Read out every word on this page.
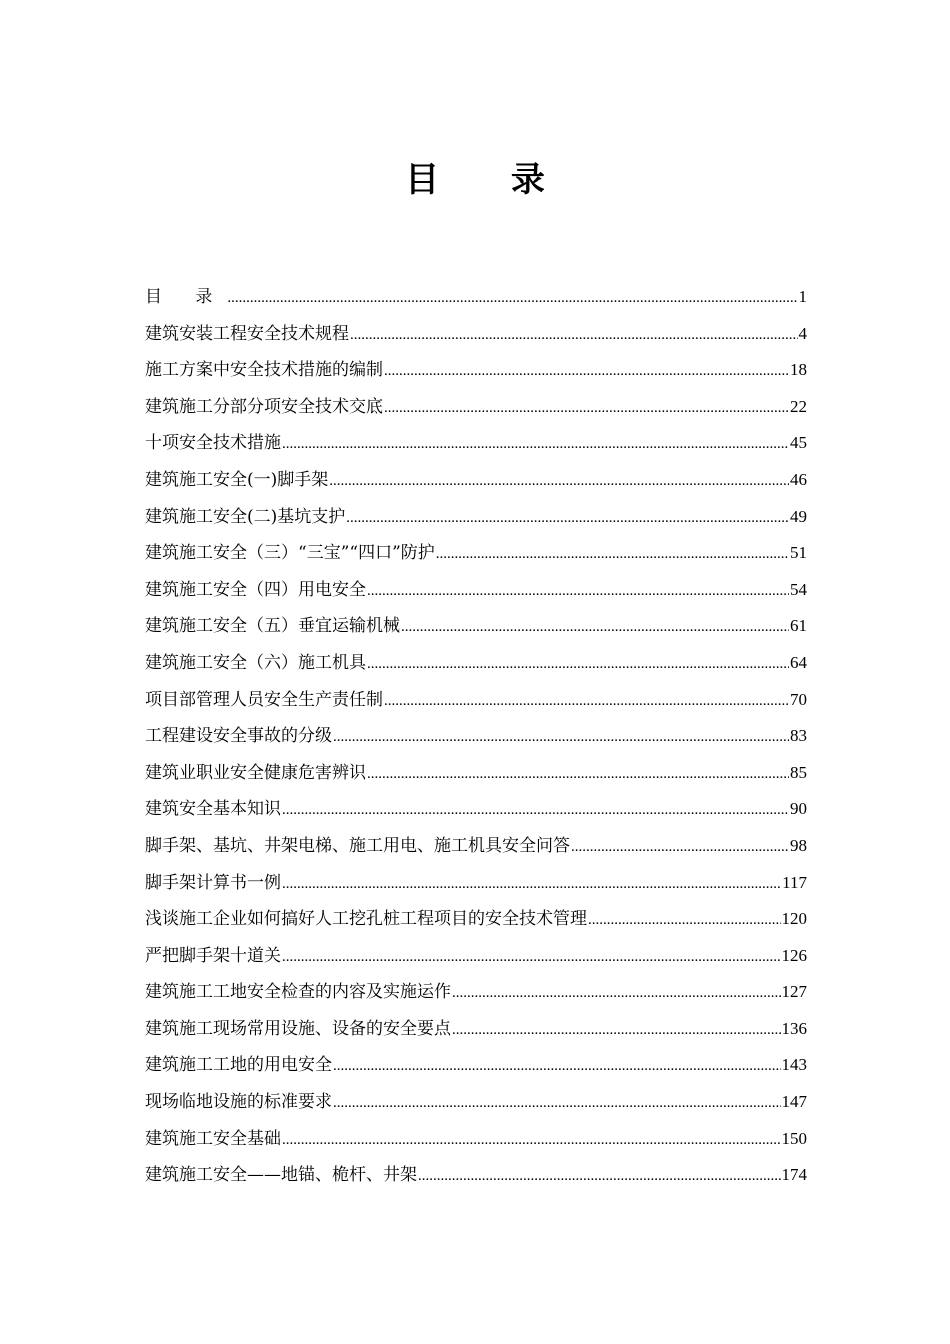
目 录
目 录 .....	1
建筑安装工程安全技术规程 .....	4
施工方案中安全技术措施的编制 .....	18
建筑施工分部分项安全技术交底 .....	22
十项安全技术措施 .....	45
建筑施工安全(一)脚手架 .....	46
建筑施工安全(二)基坑支护 .....	49
建筑施工安全（三）“三宝”“四口”防护 .....	51
建筑施工安全（四）用电安全 .....	54
建筑施工安全（五）垂宜运输机械 .....	61
建筑施工安全（六）施工机具 .....	64
项目部管理人员安全生产责任制 .....	70
工程建设安全事故的分级 .....	83
建筑业职业安全健康危害辨识 .....	85
建筑安全基本知识 .....	90
脚手架、基坑、井架电梯、施工用电、施工机具安全问答 .....	98
脚手架计算书一例 .....	117
浅谈施工企业如何搞好人工挖孔桩工程项目的安全技术管理 .....	120
严把脚手架十道关 .....	126
建筑施工工地安全检查的内容及实施运作 .....	127
建筑施工现场常用设施、设备的安全要点 .....	136
建筑施工工地的用电安全 .....	143
现场临地设施的标准要求 .....	147
建筑施工安全基础 .....	150
建筑施工安全——地锚、桅杆、井架 .....	174
